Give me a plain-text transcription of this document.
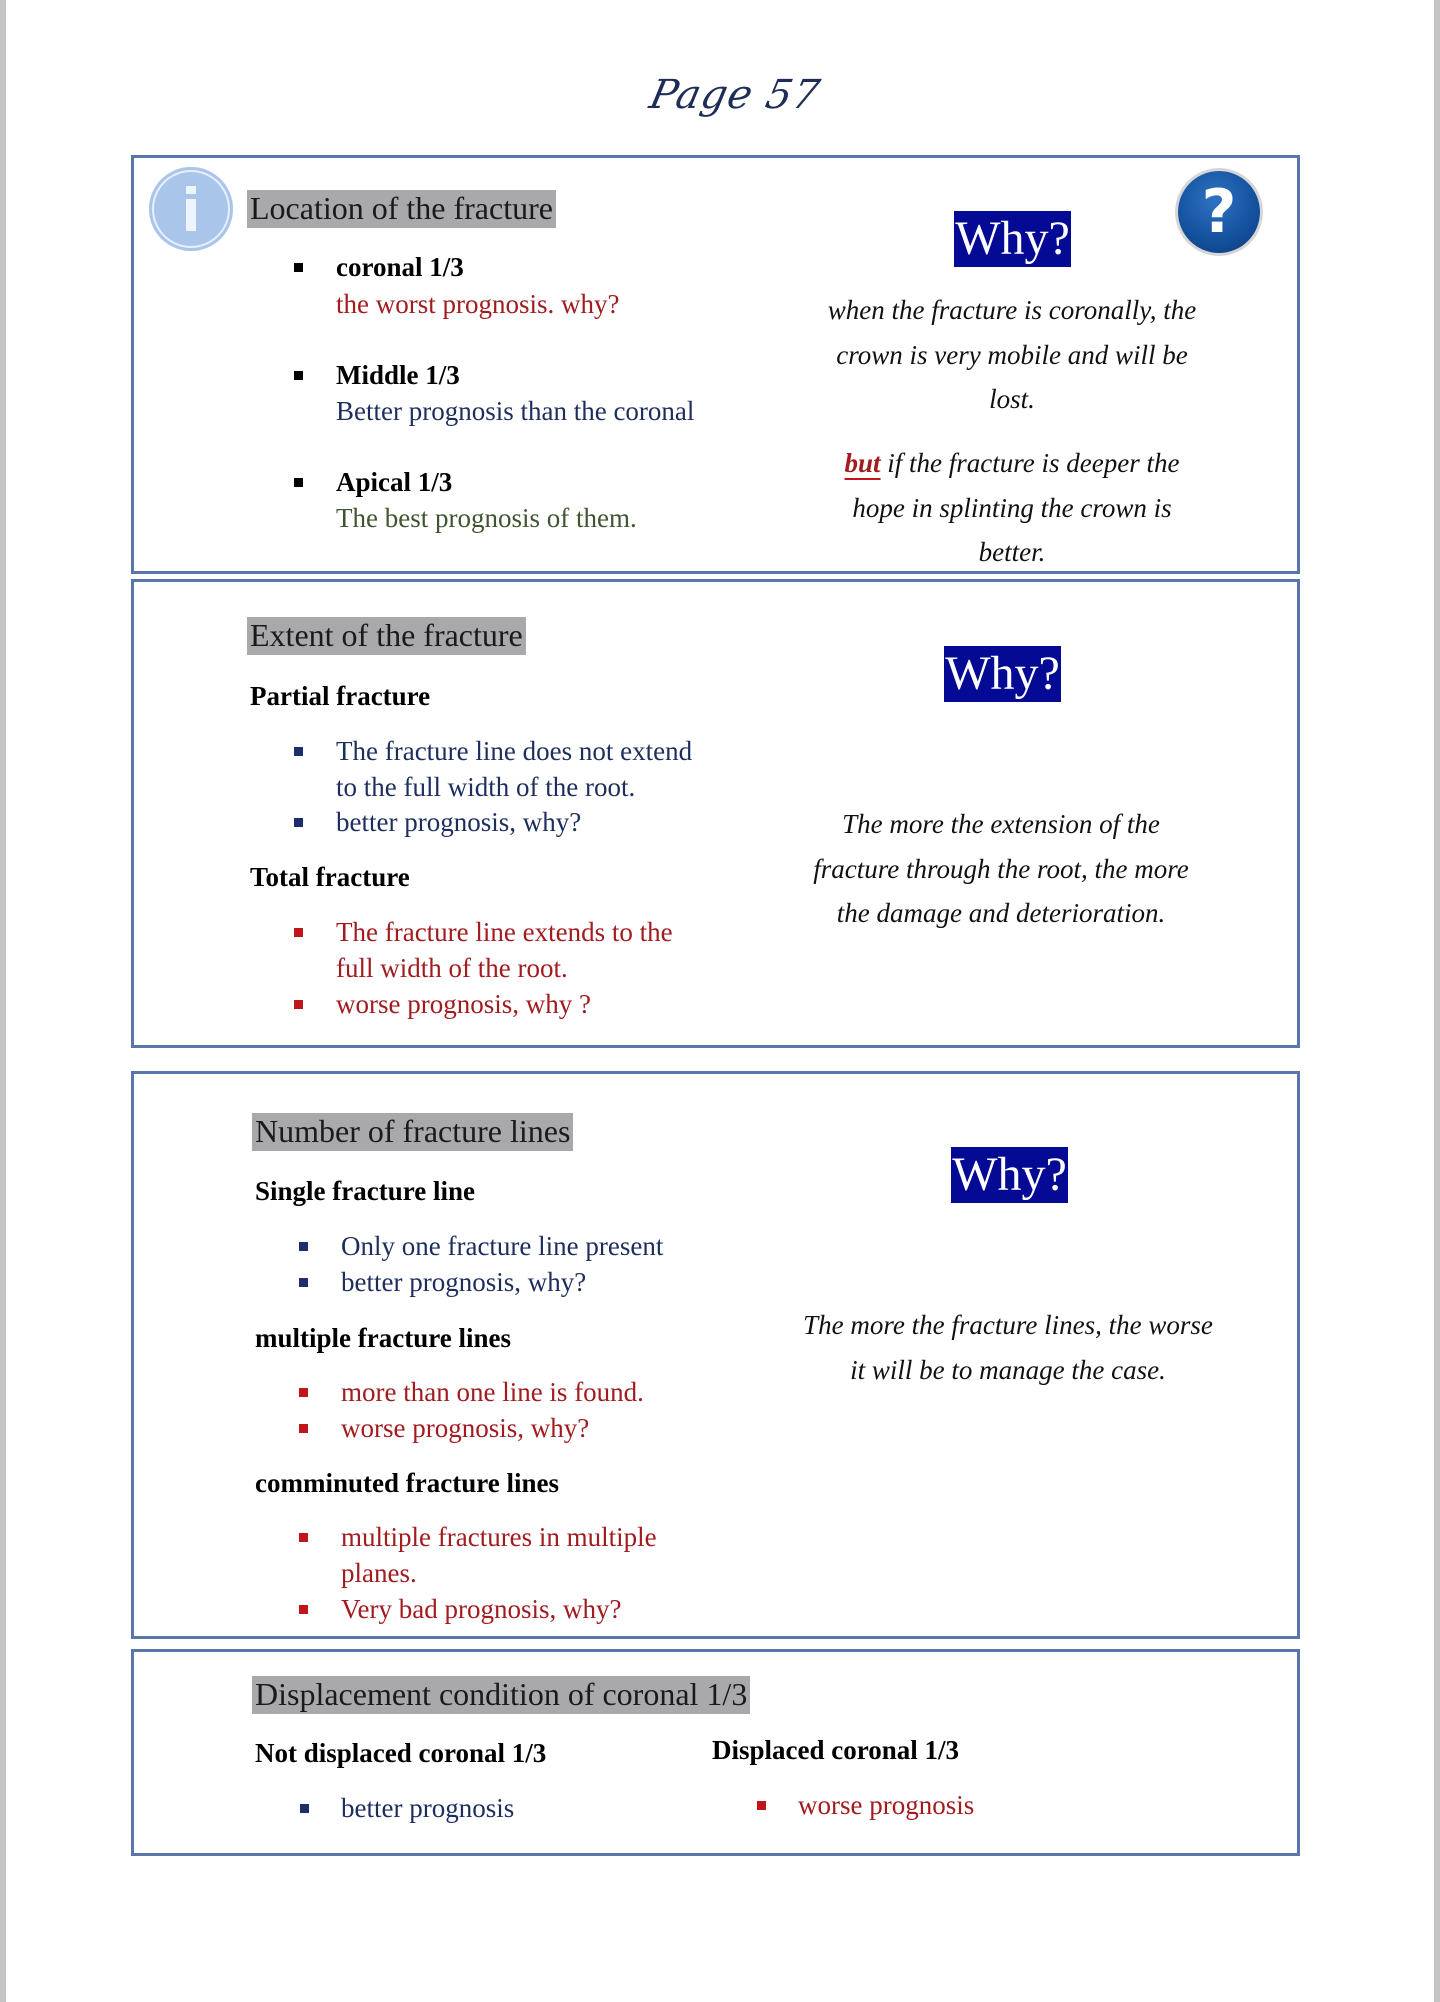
Page 57
?
Location of the fracture
coronal 1/3
the worst prognosis. why?
Middle 1/3
Better prognosis than the coronal
Apical 1/3
The best prognosis of them.
Why?
when the fracture is coronally, the
crown is very mobile and will be
lost.
but if the fracture is deeper the
hope in splinting the crown is
better.
Extent of the fracture
Partial fracture
The fracture line does not extend
to the full width of the root.
better prognosis, why?
Total fracture
The fracture line extends to the
full width of the root.
worse prognosis, why ?
Why?
The more the extension of the
fracture through the root, the more
the damage and deterioration.
Number of fracture lines
Single fracture line
Only one fracture line present
better prognosis, why?
multiple fracture lines
more than one line is found.
worse prognosis, why?
comminuted fracture lines
multiple fractures in multiple
planes.
Very bad prognosis, why?
Why?
The more the fracture lines, the worse
it will be to manage the case.
Displacement condition of coronal 1/3
Not displaced coronal 1/3	Displaced coronal 1/3
better prognosis	worse prognosis
